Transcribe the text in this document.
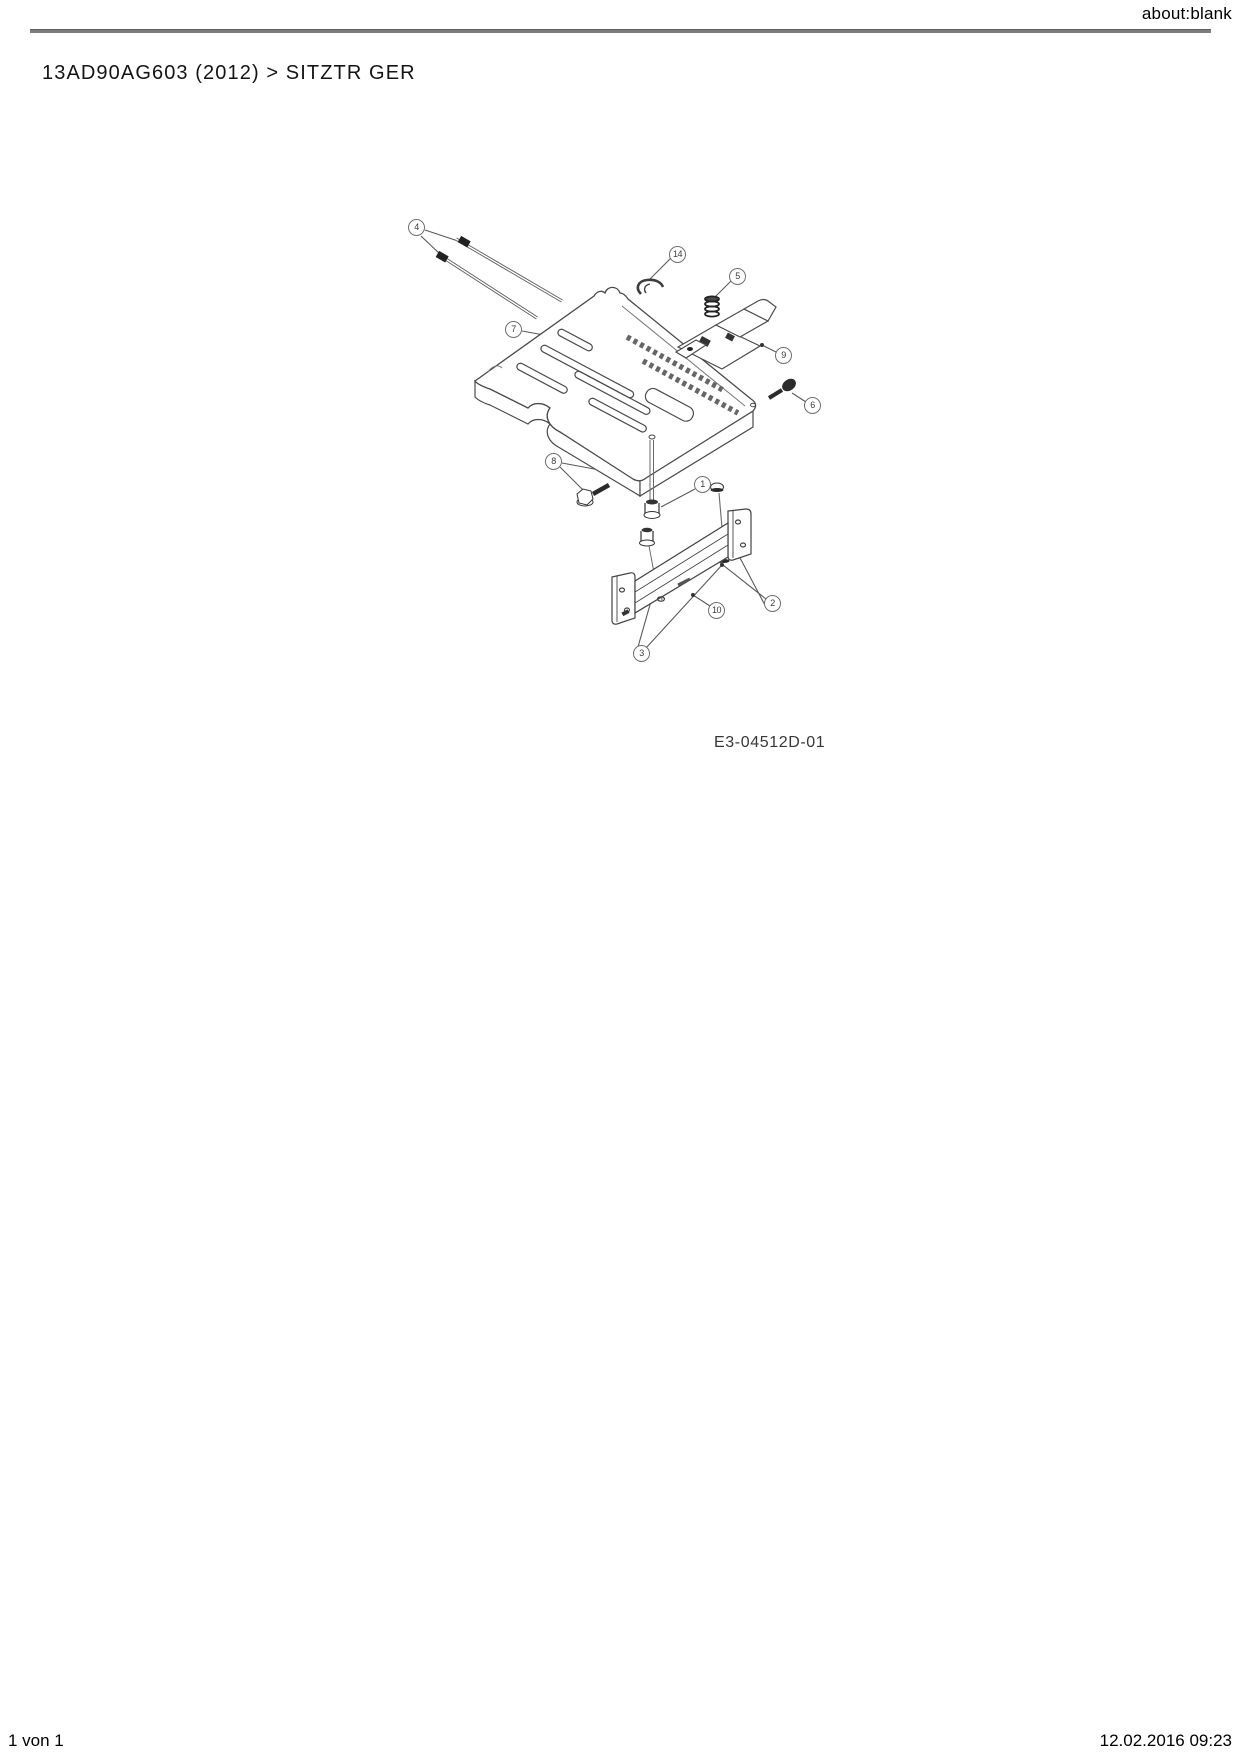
about:blank
13AD90AG603 (2012) > SITZTR GER
1
2
3
4
5
6
7
8
9
10
14
E3-04512D-01
1 von 1	12.02.2016 09:23
